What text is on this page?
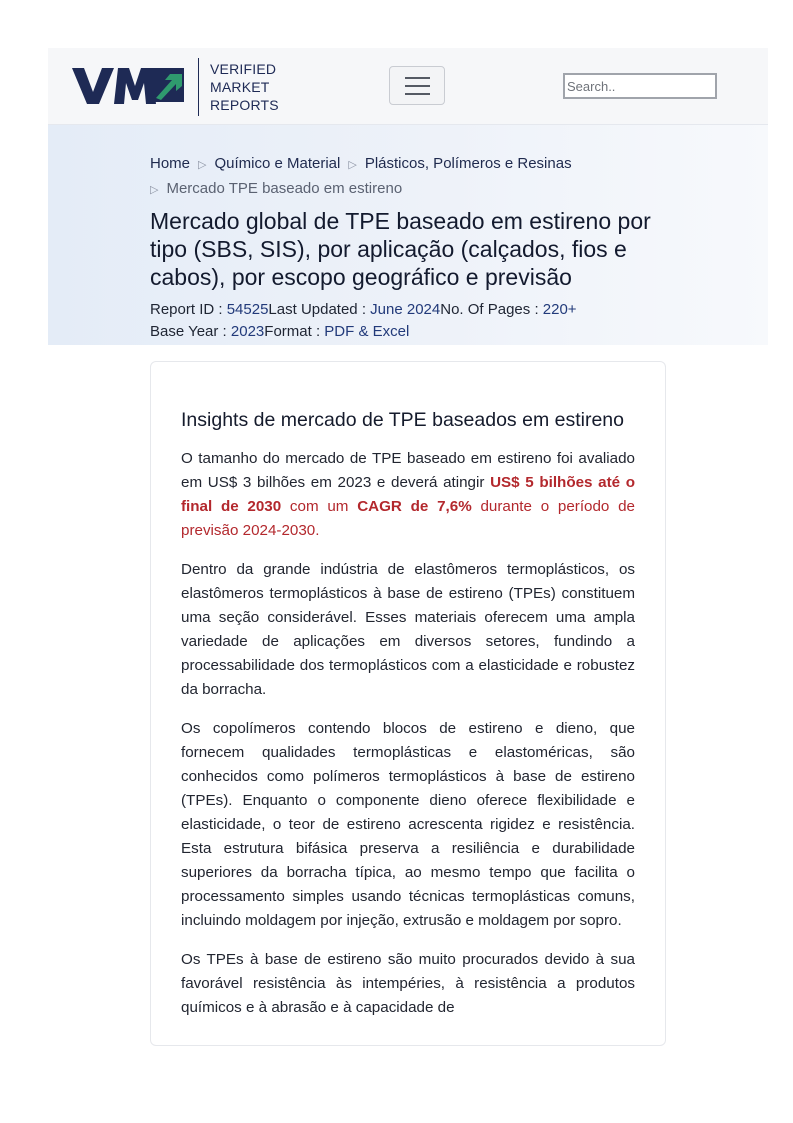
VERIFIED
MARKET
REPORTS
Search..
Home ▷ Químico e Material ▷ Plásticos, Polímeros e Resinas
▷ Mercado TPE baseado em estireno
Mercado global de TPE baseado em estireno por tipo (SBS, SIS), por aplicação (calçados, fios e cabos), por escopo geográfico e previsão
Report ID : 54525Last Updated : June 2024No. Of Pages : 220+
Base Year : 2023Format : PDF & Excel
Insights de mercado de TPE baseados em estireno

O tamanho do mercado de TPE baseado em estireno foi avaliado em US$ 3 bilhões em 2023 e deverá atingir US$ 5 bilhões até o final de 2030 com um CAGR de 7,6% durante o período de previsão 2024-2030.

Dentro da grande indústria de elastômeros termoplásticos, os elastômeros termoplásticos à base de estireno (TPEs) constituem uma seção considerável. Esses materiais oferecem uma ampla variedade de aplicações em diversos setores, fundindo a processabilidade dos termoplásticos com a elasticidade e robustez da borracha.

Os copolímeros contendo blocos de estireno e dieno, que fornecem qualidades termoplásticas e elastoméricas, são conhecidos como polímeros termoplásticos à base de estireno (TPEs). Enquanto o componente dieno oferece flexibilidade e elasticidade, o teor de estireno acrescenta rigidez e resistência. Esta estrutura bifásica preserva a resiliência e durabilidade superiores da borracha típica, ao mesmo tempo que facilita o processamento simples usando técnicas termoplásticas comuns, incluindo moldagem por injeção, extrusão e moldagem por sopro.

Os TPEs à base de estireno são muito procurados devido à sua favorável resistência às intempéries, à resistência a produtos químicos e à abrasão e à capacidade de
